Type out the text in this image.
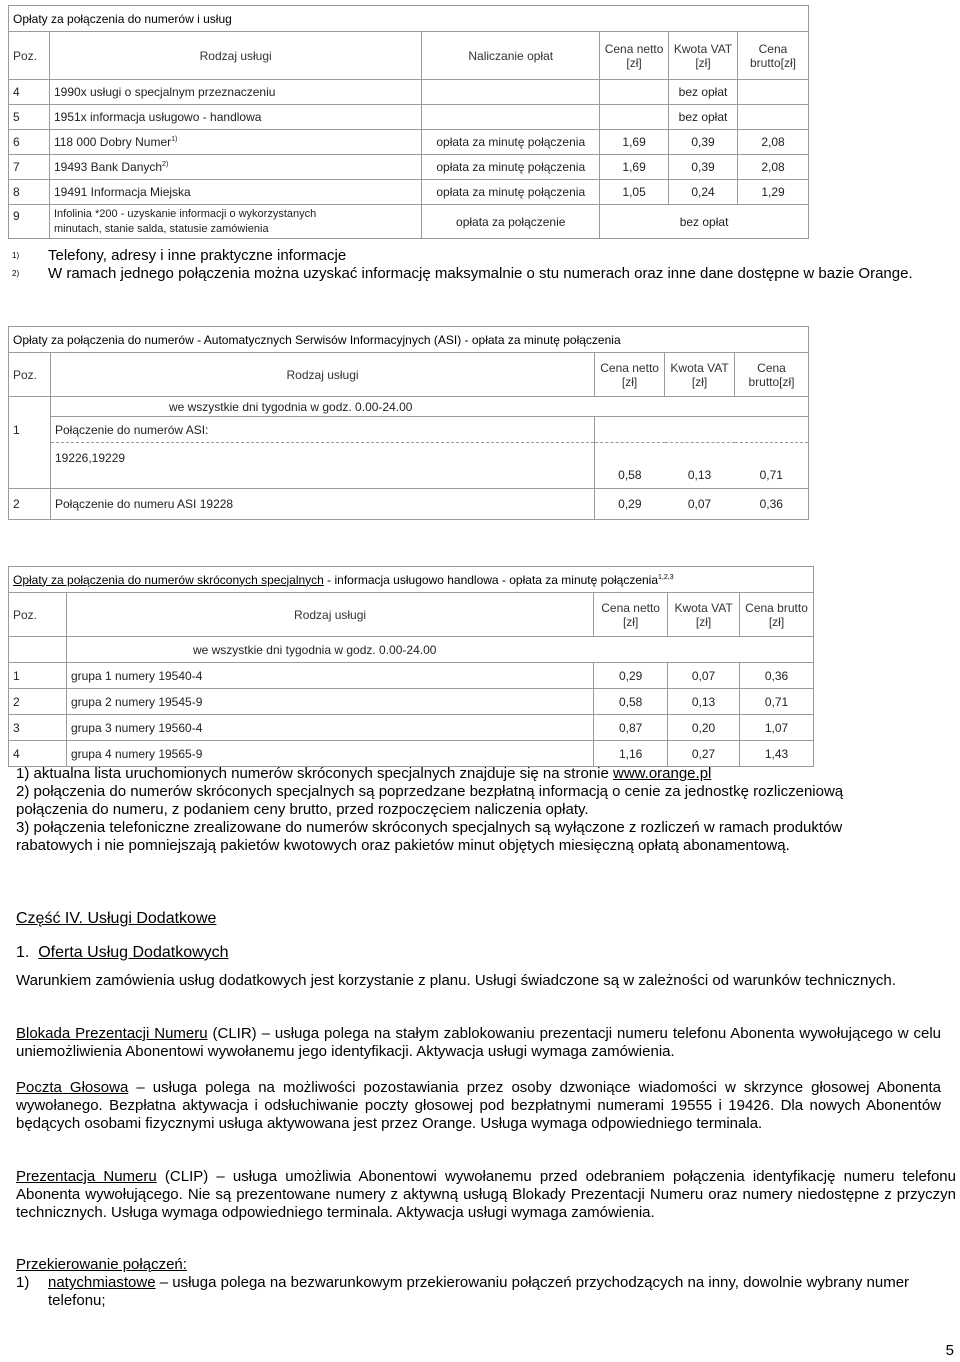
Opłaty za połączenia do numerów i usług					
Poz.	Rodzaj usługi	Naliczanie opłat	Cena netto [zł]	Kwota VAT [zł]	Cena brutto[zł]
4	1990x usługi o specjalnym przeznaczeniu			bez opłat	
5	1951x informacja usługowo - handlowa			bez opłat	
6	118 000 Dobry Numer$^{1)}$	opłata za minutę połączenia	1,69	0,39	2,08
7	19493 Bank Danych$^{2)}$	opłata za minutę połączenia	1,69	0,39	2,08
8	19491 Informacja Miejska	opłata za minutę połączenia	1,05	0,24	1,29
9	Infolinia *200 - uzyskanie informacji o wykorzystanych
minutach, stanie salda, statusie zamówienia	opłata za połączenie	bez opłat		
1)	Telefony, adresy i inne praktyczne informacje
2)	W ramach jednego połączenia można uzyskać informację maksymalnie o stu numerach oraz inne dane dostępne w bazie Orange.
Opłaty za połączenia do numerów - Automatycznych Serwisów Informacyjnych (ASI) - opłata za minutę połączenia				
Poz.	Rodzaj usługi	Cena netto [zł]	Kwota VAT [zł]	Cena brutto[zł]
	we wszystkie dni tygodnia w godz. 0.00-24.00			
1	Połączenie do numerów ASI:			
	19226,19229	0,58	0,13	0,71
2	Połączenie do numeru ASI 19228	0,29	0,07	0,36
Opłaty za połączenia do numerów skróconych specjalnych - informacja usługowo handlowa - opłata za minutę połączenia$^{1,2,3}$
Poz.	Rodzaj usługi	Cena netto [zł]	Kwota VAT [zł]	Cena brutto [zł]
	we wszystkie dni tygodnia w godz. 0.00-24.00			
1	grupa 1 numery 19540-4	0,29	0,07	0,36
2	grupa 2 numery 19545-9	0,58	0,13	0,71
3	grupa 3 numery 19560-4	0,87	0,20	1,07
4	grupa 4 numery 19565-9	1,16	0,27	1,43
1) aktualna lista uruchomionych numerów skróconych specjalnych znajduje się na stronie www.orange.pl
2) połączenia do numerów skróconych specjalnych są poprzedzane bezpłatną informacją o cenie za jednostkę rozliczeniową połączenia do numeru, z podaniem ceny brutto, przed rozpoczęciem naliczenia opłaty.
3) połączenia telefoniczne zrealizowane do numerów skróconych specjalnych są wyłączone z rozliczeń w ramach produktów rabatowych i nie pomniejszają pakietów kwotowych oraz pakietów minut objętych miesięczną opłatą abonamentową.
Część IV. Usługi Dodatkowe
1. Oferta Usług Dodatkowych
Warunkiem zamówienia usług dodatkowych jest korzystanie z planu. Usługi świadczone są w zależności od warunków technicznych.
Blokada Prezentacji Numeru (CLIR) – usługa polega na stałym zablokowaniu prezentacji numeru telefonu Abonenta wywołującego w celu uniemożliwienia Abonentowi wywołanemu jego identyfikacji. Aktywacja usługi wymaga zamówienia.
Poczta Głosowa – usługa polega na możliwości pozostawiania przez osoby dzwoniące wiadomości w skrzynce głosowej Abonenta wywołanego. Bezpłatna aktywacja i odsłuchiwanie poczty głosowej pod bezpłatnymi numerami 19555 i 19426. Dla nowych Abonentów będących osobami fizycznymi usługa aktywowana jest przez Orange. Usługa wymaga odpowiedniego terminala.
Prezentacja Numeru (CLIP) – usługa umożliwia Abonentowi wywołanemu przed odebraniem połączenia identyfikację numeru telefonu Abonenta wywołującego. Nie są prezentowane numery z aktywną usługą Blokady Prezentacji Numeru oraz numery niedostępne z przyczyn technicznych. Usługa wymaga odpowiedniego terminala. Aktywacja usługi wymaga zamówienia.
Przekierowanie połączeń:
1)	natychmiastowe – usługa polega na bezwarunkowym przekierowaniu połączeń przychodzących na inny, dowolnie wybrany numer telefonu;
5
